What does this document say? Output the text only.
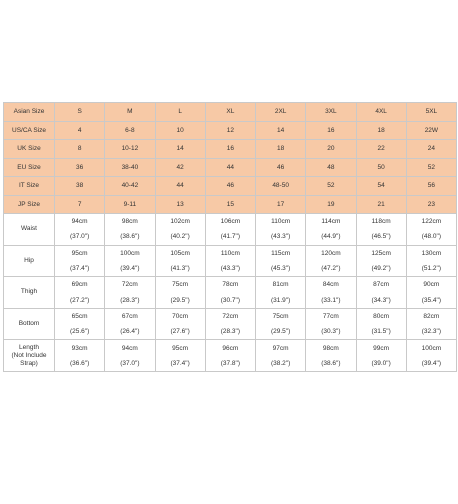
Asian Size	S	M	L	XL	2XL	3XL	4XL	5XL
US/CA Size	4	6-8	10	12	14	16	18	22W
UK Size	8	10-12	14	16	18	20	22	24
EU Size	36	38-40	42	44	46	48	50	52
IT Size	38	40-42	44	46	48-50	52	54	56
JP Size	7	9-11	13	15	17	19	21	23
Waist	94cm	98cm	102cm	106cm	110cm	114cm	118cm	122cm
	(37.0")	(38.6")	(40.2")	(41.7")	(43.3")	(44.9")	(46.5")	(48.0")
Hip	95cm	100cm	105cm	110cm	115cm	120cm	125cm	130cm
	(37.4")	(39.4")	(41.3")	(43.3")	(45.3")	(47.2")	(49.2")	(51.2")
Thigh	69cm	72cm	75cm	78cm	81cm	84cm	87cm	90cm
	(27.2")	(28.3")	(29.5")	(30.7")	(31.9")	(33.1")	(34.3")	(35.4")
Bottom	65cm	67cm	70cm	72cm	75cm	77cm	80cm	82cm
	(25.6")	(26.4")	(27.6")	(28.3")	(29.5")	(30.3")	(31.5")	(32.3")
Length
(Not Include
Strap)	93cm	94cm	95cm	96cm	97cm	98cm	99cm	100cm
	(36.6")	(37.0")	(37.4")	(37.8")	(38.2")	(38.6")	(39.0")	(39.4")
